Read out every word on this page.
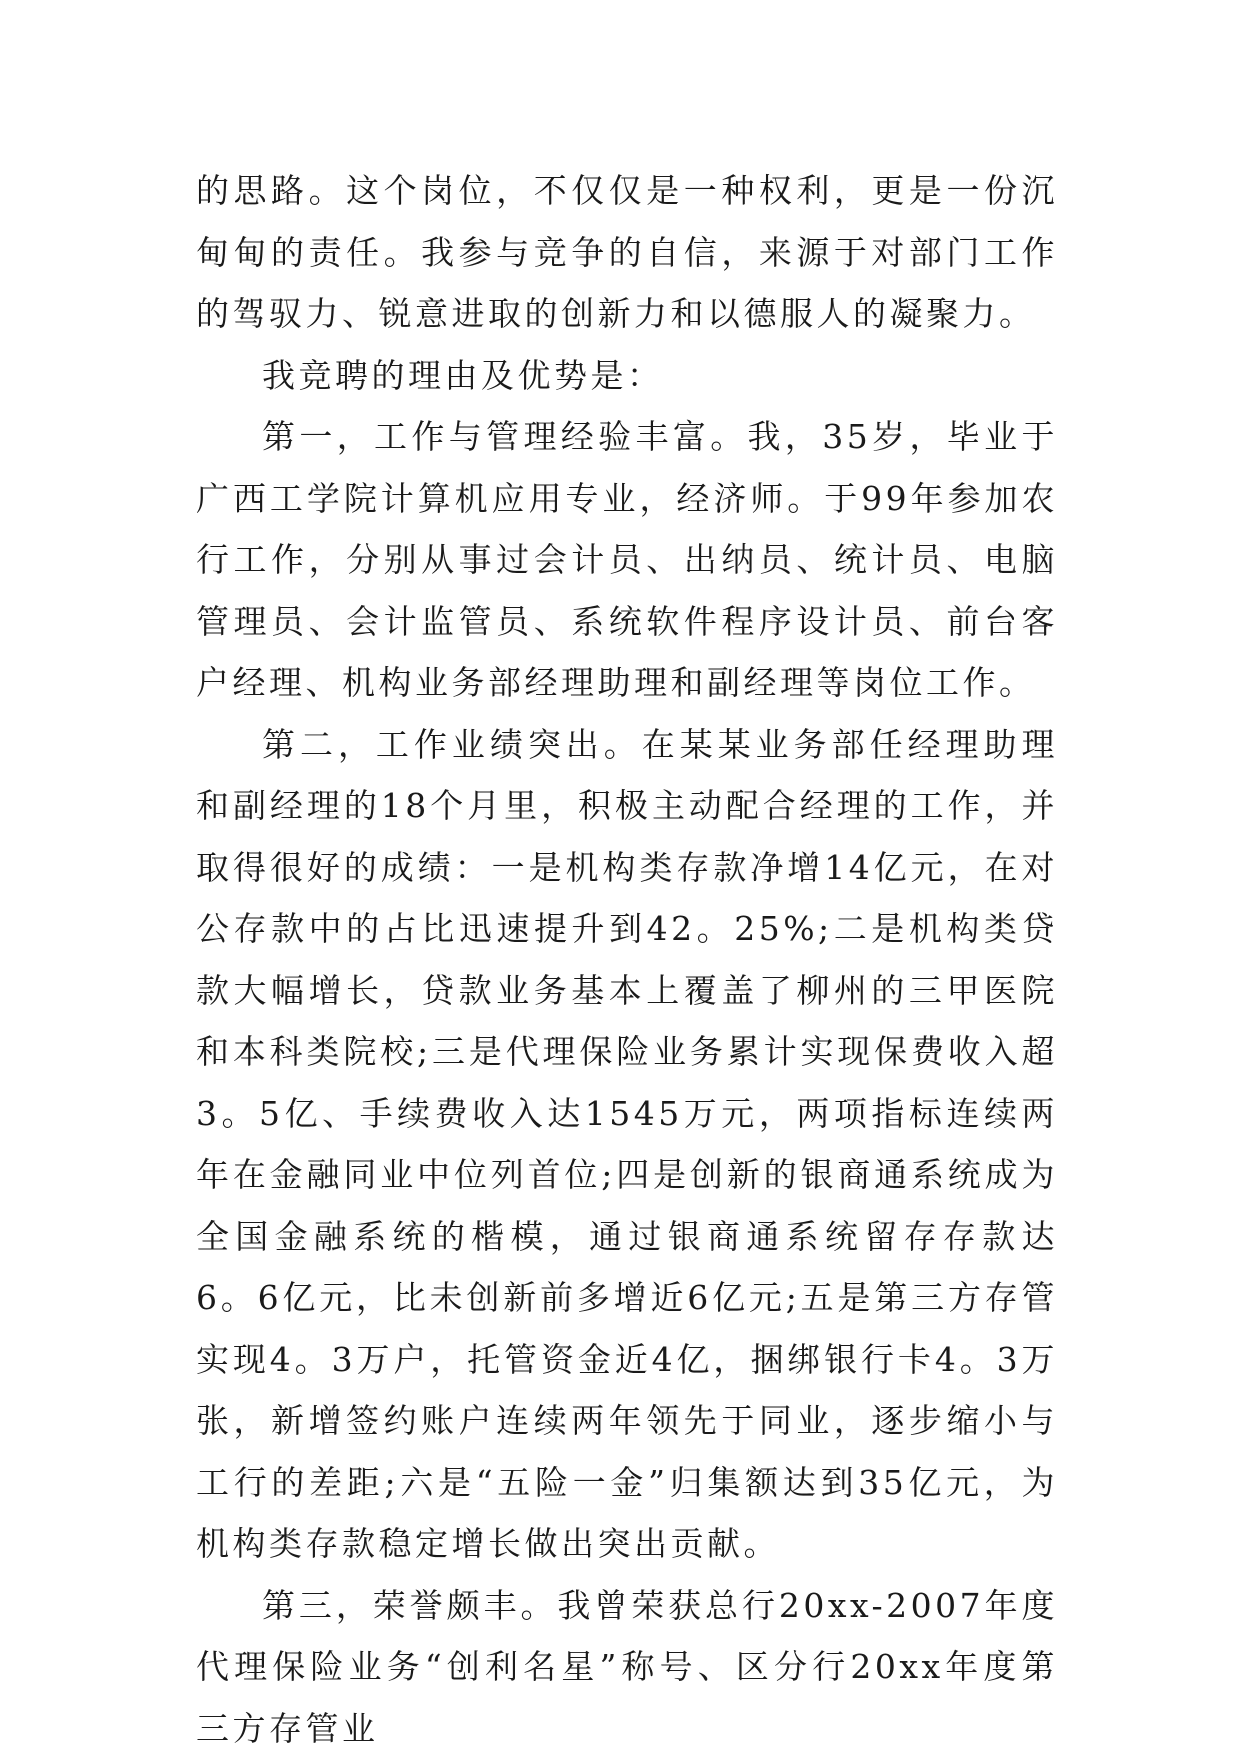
的思路。这个岗位，不仅仅是一种权利，更是一份沉甸甸的责任。我参与竞争的自信，来源于对部门工作的驾驭力、锐意进取的创新力和以德服人的凝聚力。

我竞聘的理由及优势是：

第一，工作与管理经验丰富。我，35岁，毕业于广西工学院计算机应用专业，经济师。于99年参加农行工作，分别从事过会计员、出纳员、统计员、电脑管理员、会计监管员、系统软件程序设计员、前台客户经理、机构业务部经理助理和副经理等岗位工作。

第二，工作业绩突出。在某某业务部任经理助理和副经理的18个月里，积极主动配合经理的工作，并取得很好的成绩：一是机构类存款净增14亿元，在对公存款中的占比迅速提升到42。25%;二是机构类贷款大幅增长，贷款业务基本上覆盖了柳州的三甲医院和本科类院校;三是代理保险业务累计实现保费收入超3。5亿、手续费收入达1545万元，两项指标连续两年在金融同业中位列首位;四是创新的银商通系统成为全国金融系统的楷模，通过银商通系统留存存款达6。6亿元，比未创新前多增近6亿元;五是第三方存管实现4。3万户，托管资金近4亿，捆绑银行卡4。3万张，新增签约账户连续两年领先于同业，逐步缩小与工行的差距;六是“五险一金”归集额达到35亿元，为机构类存款稳定增长做出突出贡献。

第三，荣誉颇丰。我曾荣获总行20xx-2007年度代理保险业务“创利名星”称号、区分行20xx年度第三方存管业
